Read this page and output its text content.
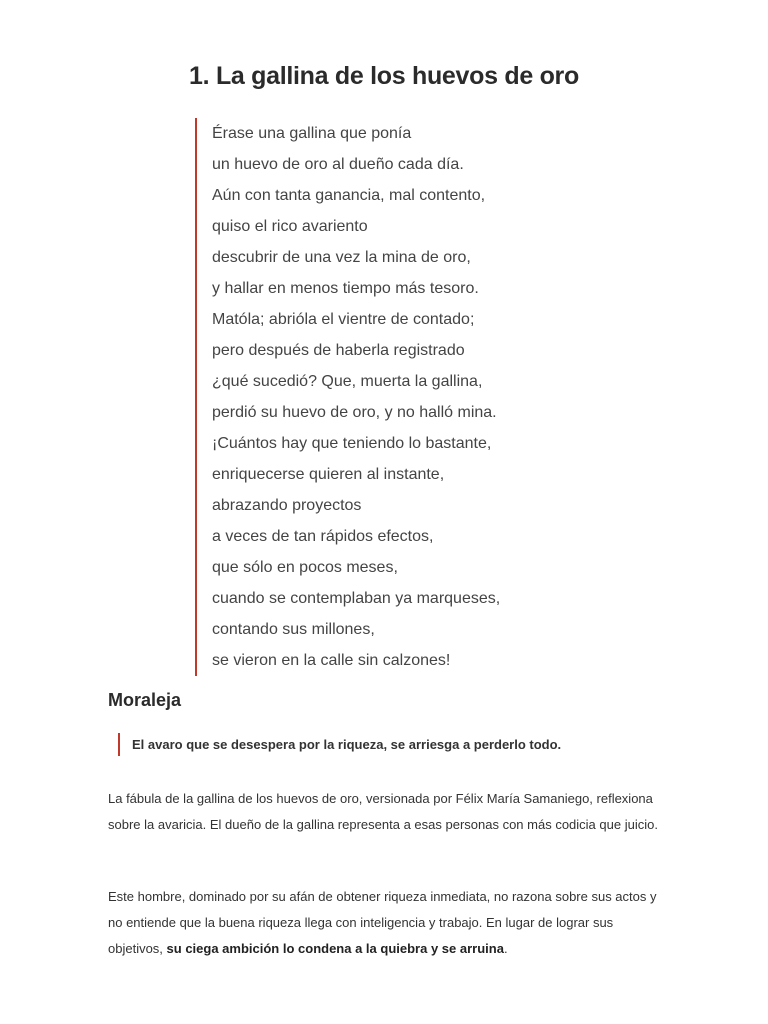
1. La gallina de los huevos de oro
Érase una gallina que ponía
un huevo de oro al dueño cada día.
Aún con tanta ganancia, mal contento,
quiso el rico avariento
descubrir de una vez la mina de oro,
y hallar en menos tiempo más tesoro.
Matóla; abrióla el vientre de contado;
pero después de haberla registrado
¿qué sucedió? Que, muerta la gallina,
perdió su huevo de oro, y no halló mina.
¡Cuántos hay que teniendo lo bastante,
enriquecerse quieren al instante,
abrazando proyectos
a veces de tan rápidos efectos,
que sólo en pocos meses,
cuando se contemplaban ya marqueses,
contando sus millones,
se vieron en la calle sin calzones!
Moraleja
El avaro que se desespera por la riqueza, se arriesga a perderlo todo.

La fábula de la gallina de los huevos de oro, versionada por Félix María Samaniego, reflexiona sobre la avaricia. El dueño de la gallina representa a esas personas con más codicia que juicio.

Este hombre, dominado por su afán de obtener riqueza inmediata, no razona sobre sus actos y no entiende que la buena riqueza llega con inteligencia y trabajo. En lugar de lograr sus objetivos, su ciega ambición lo condena a la quiebra y se arruina.
